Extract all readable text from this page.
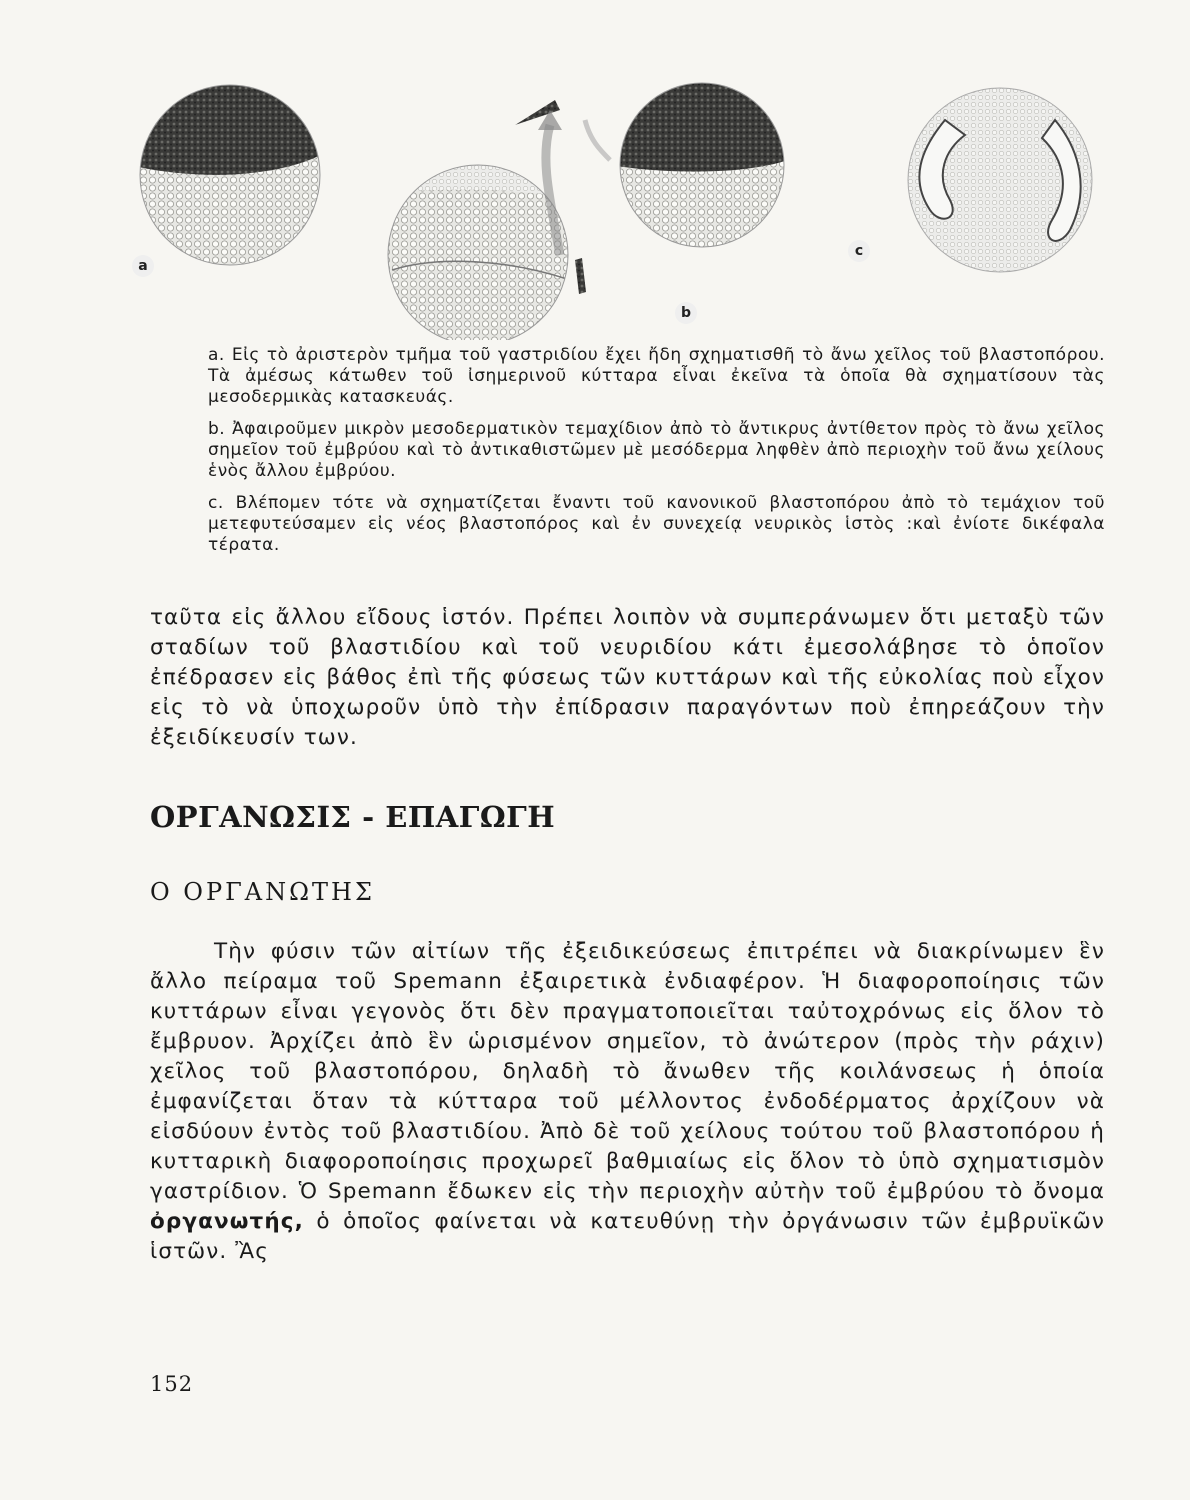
a
b
c

a. Εἰς τὸ ἀριστερὸν τμῆμα τοῦ γαστριδίου ἔχει ἤδη σχηματισθῆ τὸ ἄνω χεῖλος τοῦ βλαστοπόρου. Τὰ ἀμέσως κάτωθεν τοῦ ἰσημερινοῦ κύτταρα εἶναι ἐκεῖνα τὰ ὁποῖα θὰ σχηματίσουν τὰς μεσοδερμικὰς κατασκευάς.

b. Ἀφαιροῦμεν μικρὸν μεσοδερματικὸν τεμαχίδιον ἀπὸ τὸ ἄντικρυς ἀντίθετον πρὸς τὸ ἄνω χεῖλος σημεῖον τοῦ ἐμβρύου καὶ τὸ ἀντικαθιστῶμεν μὲ μεσόδερμα ληφθὲν ἀπὸ περιοχὴν τοῦ ἄνω χείλους ἑνὸς ἄλλου ἐμβρύου.

c. Βλέπομεν τότε νὰ σχηματίζεται ἔναντι τοῦ κανονικοῦ βλαστοπόρου ἀπὸ τὸ τεμάχιον τοῦ μετεφυτεύσαμεν εἰς νέος βλαστοπόρος καὶ ἐν συνεχείᾳ νευρικὸς ἱστὸς :καὶ ἐνίοτε δικέφαλα τέρατα.

ταῦτα εἰς ἄλλου εἴδους ἱστόν. Πρέπει λοιπὸν νὰ συμπεράνωμεν ὅτι μεταξὺ τῶν σταδίων τοῦ βλαστιδίου καὶ τοῦ νευριδίου κάτι ἐμεσολάβησε τὸ ὁποῖον ἐπέδρασεν εἰς βάθος ἐπὶ τῆς φύσεως τῶν κυττάρων καὶ τῆς εὐκολίας ποὺ εἶχον εἰς τὸ νὰ ὑποχωροῦν ὑπὸ τὴν ἐπίδρασιν παραγόντων ποὺ ἐπηρεάζουν τὴν ἐξειδίκευσίν των.

ΟΡΓΑΝΩΣΙΣ - ΕΠΑΓΩΓΗ
Ο ΟΡΓΑΝΩΤΗΣ

Τὴν φύσιν τῶν αἰτίων τῆς ἐξειδικεύσεως ἐπιτρέπει νὰ διακρίνωμεν ἓν ἄλλο πείραμα τοῦ Spemann ἐξαιρετικὰ ἐνδιαφέρον. Ἡ διαφοροποίησις τῶν κυττάρων εἶναι γεγονὸς ὅτι δὲν πραγματοποιεῖται ταὐτοχρόνως εἰς ὅλον τὸ ἔμβρυον. Ἀρχίζει ἀπὸ ἓν ὡρισμένον σημεῖον, τὸ ἀνώτερον (πρὸς τὴν ράχιν) χεῖλος τοῦ βλαστοπόρου, δηλαδὴ τὸ ἄνωθεν τῆς κοιλάνσεως ἡ ὁποία ἐμφανίζεται ὅταν τὰ κύτταρα τοῦ μέλλοντος ἐνδοδέρματος ἀρχίζουν νὰ εἰσδύουν ἐντὸς τοῦ βλαστιδίου. Ἀπὸ δὲ τοῦ χείλους τούτου τοῦ βλαστοπόρου ἡ κυτταρικὴ διαφοροποίησις προχωρεῖ βαθμιαίως εἰς ὅλον τὸ ὑπὸ σχηματισμὸν γαστρίδιον. Ὁ Spemann ἔδωκεν εἰς τὴν περιοχὴν αὐτὴν τοῦ ἐμβρύου τὸ ὄνομα ὀργανωτής, ὁ ὁποῖος φαίνεται νὰ κατευθύνῃ τὴν ὀργάνωσιν τῶν ἐμβρυϊκῶν ἱστῶν. Ἂς

152
